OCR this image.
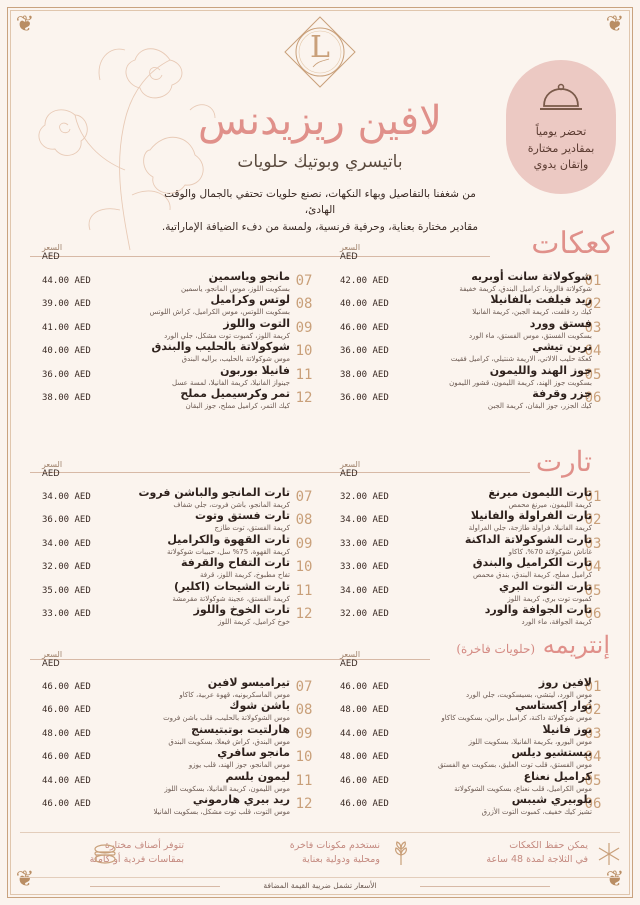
❦	❦
❦	❦
L
لافين ريزيدنس
باتيسري وبوتيك حلويات
من شغفنا بالتفاصيل وبهاء النكهات، نصنع حلويات تحتفي بالجمال والوقت الهادئ،
مقادير مختارة بعناية، وحرفية فرنسية، ولمسة من دفء الضيافة الإماراتية.
تحضر يومياً
بمقادير مختارة
وإتقان يدوي
كعكات
تارت
إنتريمه (حلويات فاخرة)
السعر
AED
السعر
AED
01
شوكولاتة سانت أوبريه
شوكولاتة فالرونا، كراميل البندق، كريمة خفيفة
42.00 AED
02
ريد فيلفت بالفانيلا
كيك رد فلفت، كريمة الجبن، كريمة الفانيلا
40.00 AED
03
فستق وورد
بسكويت الفستق، موس الفستق، ماء الورد
46.00 AED
04
ترين تيشي
كعكة حليب الالاتي، الاريمة شنتيلي، كراميل فقيت
36.00 AED
05
جوز الهند والليمون
بسكويت جوز الهند، كريمة الليمون، قشور الليمون
38.00 AED
06
جزر وقرفة
كيك الجزر، جوز البقان، كريمة الجبن
36.00 AED
07
مانجو وياسمين
بسكويت اللوز، موس المانجو، ياسمين
44.00 AED
08
لوتس وكراميل
بسكويت اللوتس، موس الكراميل، كراش اللوتس
39.00 AED
09
التوت واللوز
كريمة اللوز، كمبوت توت مشكل، جلي الورد
41.00 AED
10
شوكولاتة بالحليب والبندق
موس شوكولاتة بالحليب، براليه البندق
40.00 AED
11
فانيلا بوربون
جينواز الفانيلا، كريمة الفانيلا، لمسة عسل
36.00 AED
12
تمر وكرسيميل مملح
كيك التمر، كراميل مملح، جوز البقان
38.00 AED
السعر
AED
السعر
AED
01
تارت الليمون ميرنغ
كريمة الليمون، ميرنغ محمص
32.00 AED
02
تارت الفراولة والفانيلا
كريمة الفانيلا، فراولة طازجة، جلي الفراولة
34.00 AED
03
تارت الشوكولاتة الداكنة
غاناش شوكولاتة 70%، كاكاو
33.00 AED
04
تارت الكراميل والبندق
كراميل مملح، كريمة البندق، بندق محمص
33.00 AED
05
تارت التوت البري
كمبوت توت بري، كريمة اللوز
34.00 AED
06
تارت الجوافة والورد
كريمة الجوافة، ماء الورد
32.00 AED
07
تارت المانجو والباشن فروت
كريمة المانجو، باشن فروت، جلي شفاف
34.00 AED
08
تارت فستق وتوت
كريمة الفستق، توت طازج
36.00 AED
09
تارت القهوة والكراميل
كريمة القهوة، 75% سل، حبيبات شوكولاتة
34.00 AED
10
تارت التفاح والقرفة
تفاح مطبوخ، كريمة اللوز، قرفة
32.00 AED
11
تارت الشيحات (اكلير)
كريمة الفستق، عجينة شوكولاتة مقرمشة
35.00 AED
12
تارت الخوخ واللوز
خوخ كراميل، كريمة اللوز
33.00 AED
السعر
AED
السعر
AED
01
لافين روز
موس الورد، ليتشي، بسيسكويت، جلي الورد
46.00 AED
02
نُوار إكستاسي
موس شوكولاتة داكنة، كراميل برالين، بسكويت كاكاو
48.00 AED
03
بوز فانيلا
موس اليورو، بكريمة الفانيلا، بسكويت اللوز
44.00 AED
04
بيستشيو ديلس
موس الفستق، قلب توت العليق، بسكويت مع الفستق
48.00 AED
05
كراميل نعناع
موس الكراميل، قلب نعناع، بسكويت الشوكولاتة
46.00 AED
06
بلوبيري شيبس
تشيز كيك خفيف، كمبوت التوت الأزرق
46.00 AED
07
تيراميسو لافين
موس الماسكربونيه، قهوة عربية، كاكاو
46.00 AED
08
باشن شوك
موس الشوكولاتة بالحليب، قلب باشن فروت
46.00 AED
09
هارلتيت بوتبتيسنج
موس البندق، كراش فيعلا، بسكويت البندق
48.00 AED
10
مانجو سافري
موس المانجو، جوز الهند، قلب يوزو
46.00 AED
11
ليمون بلسم
موس الليمون، كريمة الفانيلا، بسكويت اللوز
44.00 AED
12
ريد بيري هارموني
موس التوت، قلب توت مشكل، بسكويت الفانيلا
46.00 AED
يمكن حفظ الكعكات
في الثلاجة لمدة 48 ساعة
نستخدم مكونات فاخرة
ومحلية ودولية بعناية
تتوفر أصناف مختارة
بمقاسات فردية أو كاملة
الأسعار تشمل ضريبة القيمة المضافة
